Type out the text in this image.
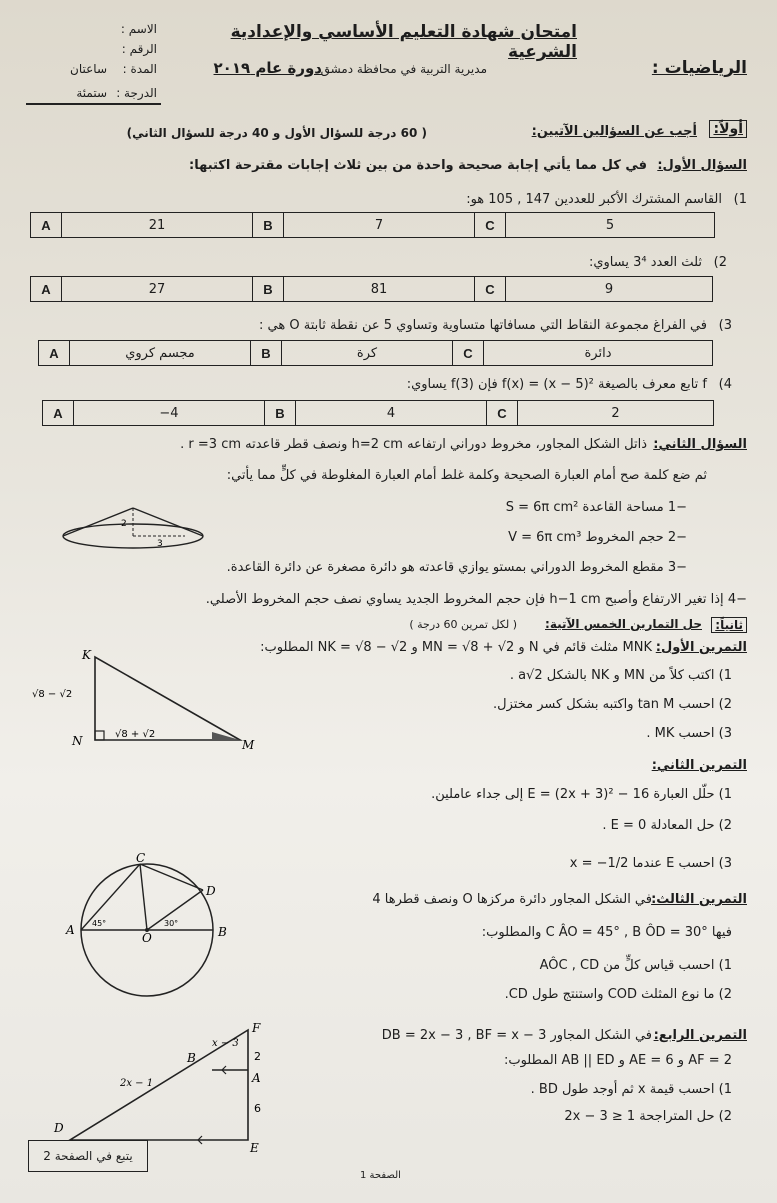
امتحان شهادة التعليم الأساسي والإعدادية الشرعية
الرياضيات :
مديرية التربية في محافظة دمشق
دورة عام ٢٠١٩
الاسم :
الرقم :
المدة :
ساعتان
الدرجة :
ستمئة
أولاً:
أجب عن السؤالين الآتيين:
( 60 درجة للسؤال الأول و 40 درجة للسؤال الثاني)
السؤال الأول:
في كل مما يأتي إجابة صحيحة واحدة من بين ثلاث إجابات مقترحة اكتبها:
1)
القاسم المشترك الأكبر للعددين 147 , 105 هو:
A	21	B	7	C	5
2)
ثلث العدد 3⁴ يساوي:
A	27	B	81	C	9
3)
في الفراغ مجموعة النقاط التي مسافاتها متساوية وتساوي 5 عن نقطة ثابتة O هي :
A	مجسم كروي	B	كرة	C	دائرة
4)
f تابع معرف بالصيغة f(x) = (x − 5)² فإن f(3) يساوي:
A	−4	B	4	C	2
السؤال الثاني:
ذاتل الشكل المجاور، مخروط دوراني ارتفاعه h=2 cm ونصف قطر قاعدته r =3 cm .
ثم ضع كلمة صح أمام العبارة الصحيحة وكلمة غلط أمام العبارة المغلوطة في كلٍّ مما يأتي:
−1 مساحة القاعدة S = 6π cm²
−2 حجم المخروط V = 6π cm³
−3 مقطع المخروط الدوراني بمستو يوازي قاعدته هو دائرة مصغرة عن دائرة القاعدة.
−4 إذا تغير الارتفاع وأصبح h−1 cm فإن حجم المخروط الجديد يساوي نصف حجم المخروط الأصلي.
2
3
ثانياً:
حل التمارين الخمس الآتية:
( لكل تمرين 60 درجة )
التمرين الأول:
MNK مثلث قائم في N و MN = √8 + √2 و NK = √8 − √2 المطلوب:
1) اكتب كلاً من MN و NK بالشكل a√2 .
2) احسب tan M واكتبه بشكل كسر مختزل.
3) احسب MK .
K
N	M
√8 − √2
√8 + √2
التمرين الثاني:
1) حلّل العبارة E = (2x + 3)² − 16 إلى جداء عاملين.
2) حل المعادلة E = 0 .
3) احسب E عندما x = −1/2
التمرين الثالث:
في الشكل المجاور دائرة مركزها O ونصف قطرها 4
فيها C ÂO = 45° , B ÔD = 30° والمطلوب:
1) احسب قياس كلٍّ من AÔC , CD
2) ما نوع المثلث COD واستنتج طول CD.
C
D
A	B
O
45°	30°
التمرين الرابع:
في الشكل المجاور DB = 2x − 3 , BF = x − 3
AF = 2 و AE = 6 و AB || ED المطلوب:
1) احسب قيمة x ثم أوجد طول BD .
2) حل المتراجحة 2x − 3 ≥ 1
F
B
A
D
E
x − 3
2x − 1
2
6
يتبع في الصفحة 2
الصفحة 1
